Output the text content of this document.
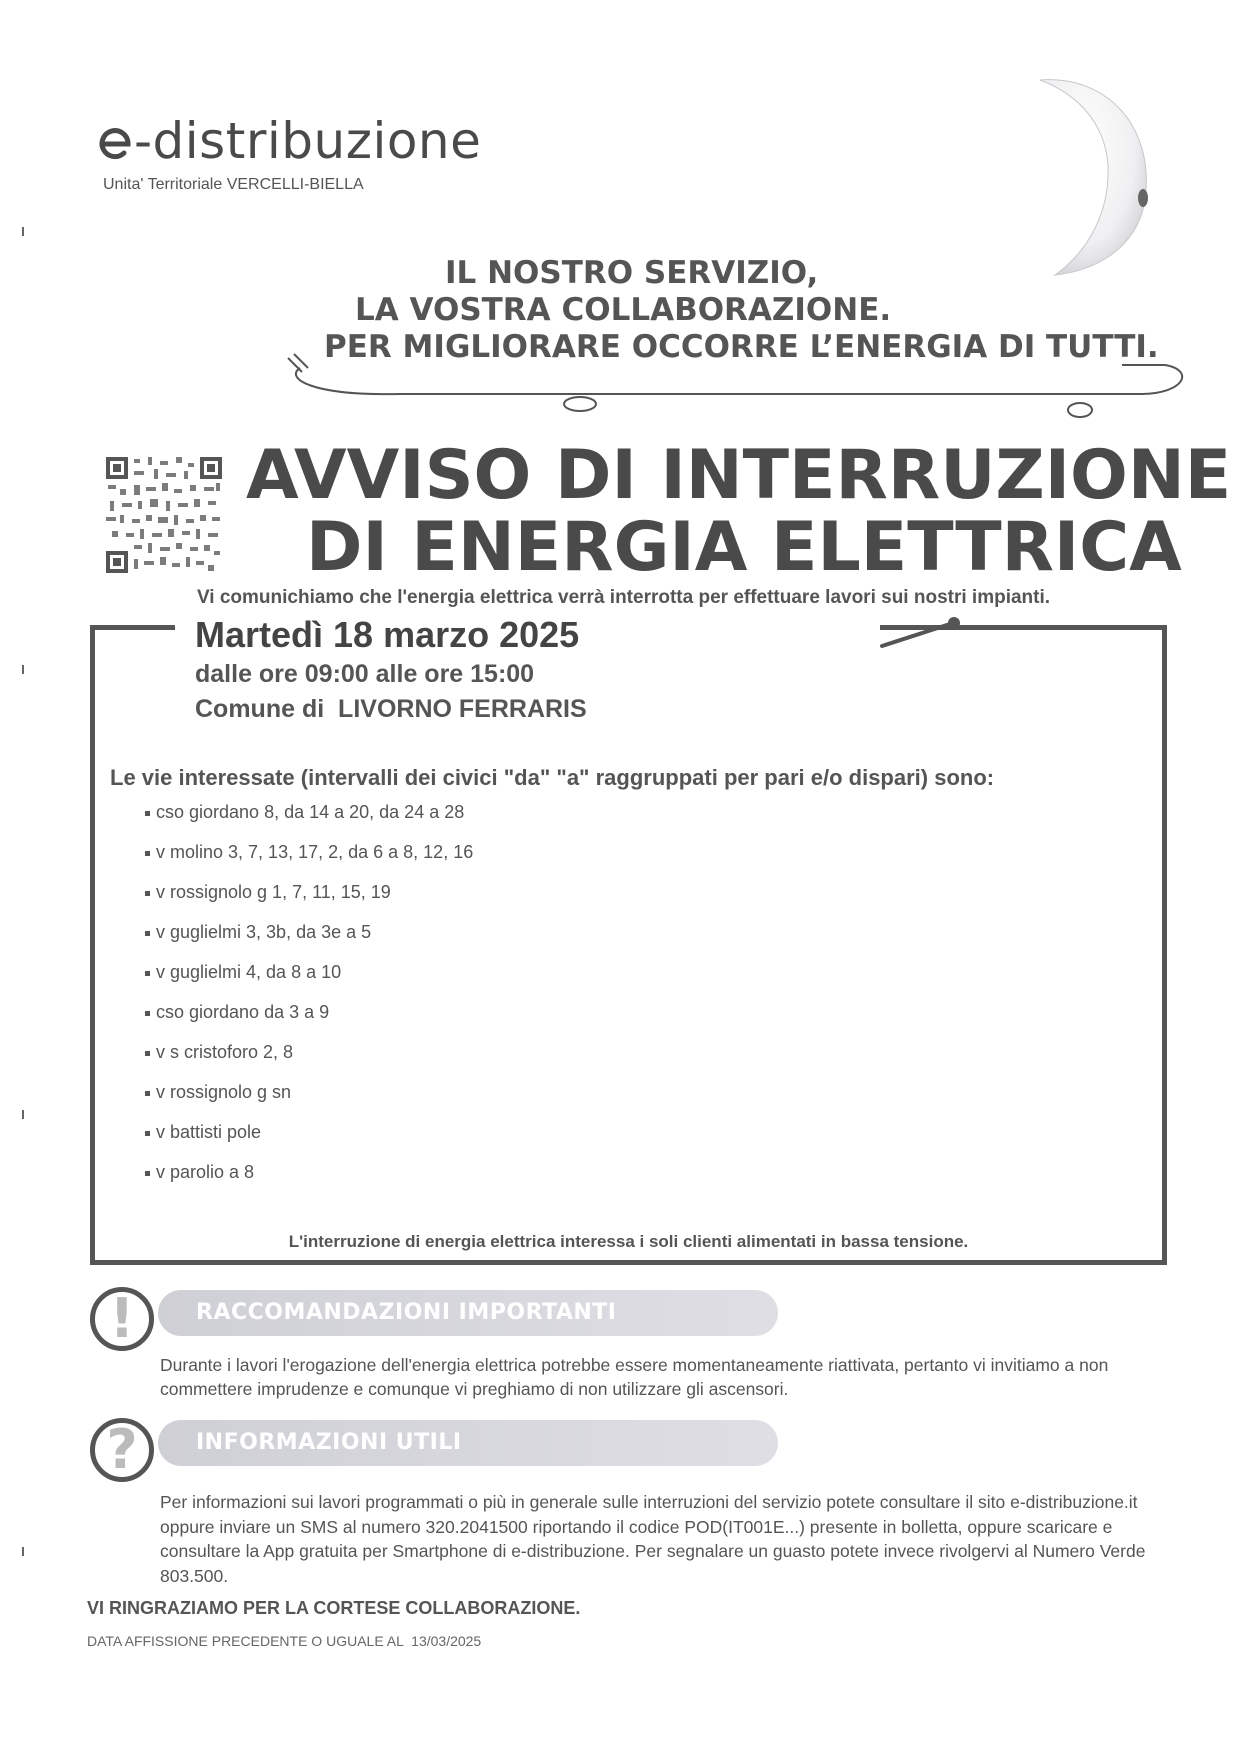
-distribuzione
Unita' Territoriale VERCELLI-BIELLA
IL NOSTRO SERVIZIO,
LA VOSTRA COLLABORAZIONE.
PER MIGLIORARE OCCORRE L’ENERGIA DI TUTTI.
AVVISO DI INTERRUZIONE
DI ENERGIA ELETTRICA
Vi comunichiamo che l'energia elettrica verrà interrotta per effettuare lavori sui nostri impianti.
Martedì 18 marzo 2025
dalle ore 09:00 alle ore 15:00
Comune di  LIVORNO FERRARIS
Le vie interessate (intervalli dei civici "da" "a" raggruppati per pari e/o dispari) sono:
cso giordano 8, da 14 a 20, da 24 a 28
v molino 3, 7, 13, 17, 2, da 6 a 8, 12, 16
v rossignolo g 1, 7, 11, 15, 19
v guglielmi 3, 3b, da 3e a 5
v guglielmi 4, da 8 a 10
cso giordano da 3 a 9
v s cristoforo 2, 8
v rossignolo g sn
v battisti pole
v parolio a 8
L'interruzione di energia elettrica interessa i soli clienti alimentati in bassa tensione.
RACCOMANDAZIONI IMPORTANTI
!
Durante i lavori l'erogazione dell'energia elettrica potrebbe essere momentaneamente riattivata, pertanto vi invitiamo a non commettere imprudenze e comunque vi preghiamo di non utilizzare gli ascensori.
INFORMAZIONI UTILI
?
Per informazioni sui lavori programmati o più in generale sulle interruzioni del servizio potete consultare il sito e-distribuzione.it oppure inviare un SMS al numero 320.2041500 riportando il codice POD(IT001E...) presente in bolletta, oppure scaricare e consultare la App gratuita per Smartphone di e-distribuzione. Per segnalare un guasto potete invece rivolgervi al Numero Verde 803.500.
VI RINGRAZIAMO PER LA CORTESE COLLABORAZIONE.
DATA AFFISSIONE PRECEDENTE O UGUALE AL  13/03/2025
